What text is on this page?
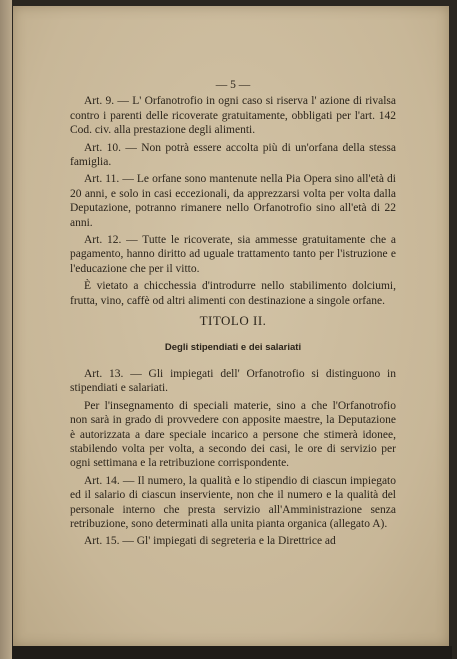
— 5 —

Art. 9. — L' Orfanotrofio in ogni caso si riserva l' azione di rivalsa contro i parenti delle ricoverate gratuitamente, obbligati per l'art. 142 Cod. civ. alla prestazione degli alimenti.

Art. 10. — Non potrà essere accolta più di un'orfana della stessa famiglia.

Art. 11. — Le orfane sono mantenute nella Pia Opera sino all'età di 20 anni, e solo in casi eccezionali, da apprezzarsi volta per volta dalla Deputazione, potranno rimanere nello Orfanotrofio sino all'età di 22 anni.

Art. 12. — Tutte le ricoverate, sia ammesse gratuitamente che a pagamento, hanno diritto ad uguale trattamento tanto per l'istruzione e l'educazione che per il vitto.

È vietato a chicchessia d'introdurre nello stabilimento dolciumi, frutta, vino, caffè od altri alimenti con destinazione a singole orfane.

TITOLO II.
Degli stipendiati e dei salariati

Art. 13. — Gli impiegati dell' Orfanotrofio si distinguono in stipendiati e salariati.

Per l'insegnamento di speciali materie, sino a che l'Orfanotrofio non sarà in grado di provvedere con apposite maestre, la Deputazione è autorizzata a dare speciale incarico a persone che stimerà idonee, stabilendo volta per volta, a secondo dei casi, le ore di servizio per ogni settimana e la retribuzione corrispondente.

Art. 14. — Il numero, la qualità e lo stipendio di ciascun impiegato ed il salario di ciascun inserviente, non che il numero e la qualità del personale interno che presta servizio all'Amministrazione senza retribuzione, sono determinati alla unita pianta organica (allegato A).

Art. 15. — Gl' impiegati di segreteria e la Direttrice ad
